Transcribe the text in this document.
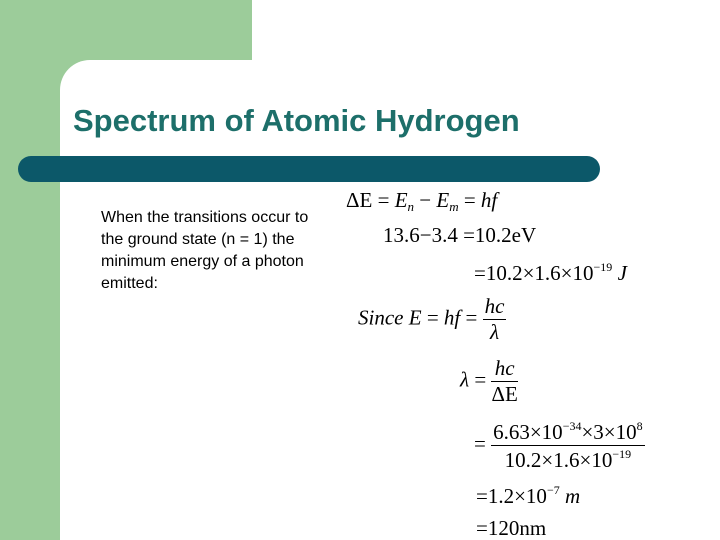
Spectrum of Atomic Hydrogen
When the transitions occur to the ground state (n = 1) the minimum energy of a photon emitted:
$\Delta E = E_n - E_m$ = hf
13.6−3.4 =10.2eV
$=10.2\times 1.6\times 10^{-19}$ J
Since E = hf = $\frac{hc}{\lambda}$
$\lambda = \frac{hc}{\Delta E}$
= $\frac{6.63\times 10^{-34}\times 3\times 10^8}{10.2\times 1.6\times 10^{-19}}$
$=1.2\times 10^{-7}$ m
=120nm
